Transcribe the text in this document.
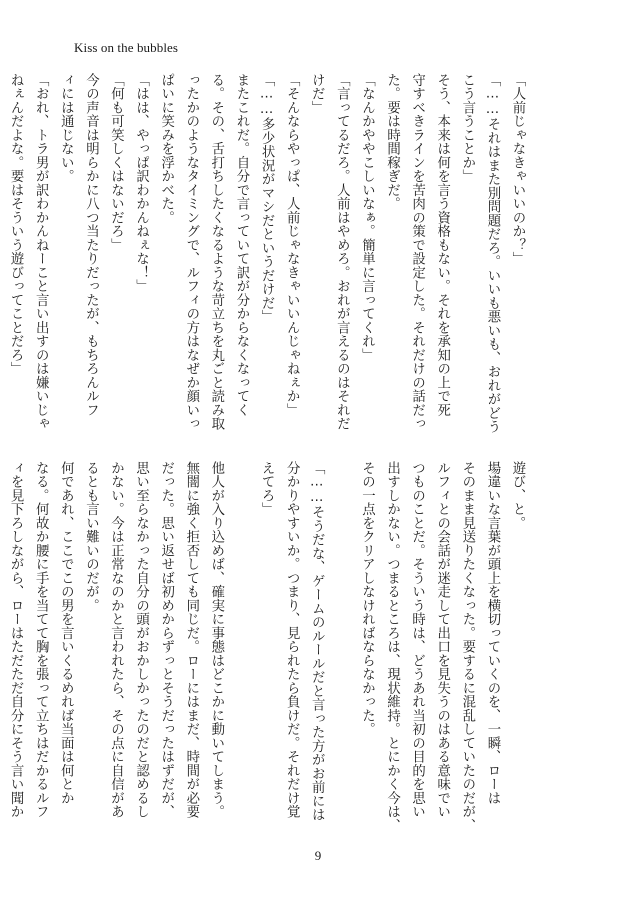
Kiss on the bubbles
「人前じゃなきゃいいのか？」
「……それはまた別問題だろ。いいも悪いも、おれがどう
こう言うことか」
そう、本来は何を言う資格もない。それを承知の上で死
守すべきラインを苦肉の策で設定した。それだけの話だっ
た。要は時間稼ぎだ。
「なんかややこしいなぁ。簡単に言ってくれ」
「言ってるだろ。人前はやめろ。おれが言えるのはそれだ
けだ」
「そんならやっぱ、人前じゃなきゃいいんじゃねぇか」
「……多少状況がマシだというだけだ」
またこれだ。自分で言っていて訳が分からなくなってく
る。その、舌打ちしたくなるような苛立ちを丸ごと読み取
ったかのようなタイミングで、ルフィの方はなぜか顔いっ
ぱいに笑みを浮かべた。
「はは、やっぱ訳わかんねぇな！」
「何も可笑しくはないだろ」
今の声音は明らかに八つ当たりだったが、もちろんルフ
ィには通じない。
「おれ、トラ男が訳わかんねーこと言い出すのは嫌いじゃ
ねぇんだよな。要はそういう遊びってことだろ」
遊び、と。
場違いな言葉が頭上を横切っていくのを、一瞬、ローは
そのまま見送りたくなった。要するに混乱していたのだが、
ルフィとの会話が迷走して出口を見失うのはある意味でい
つものことだ。そういう時は、どうあれ当初の目的を思い
出すしかない。つまるところは、現状維持。とにかく今は、
その一点をクリアしなければならなかった。

「……そうだな、ゲームのルールだと言った方がお前には
分かりやすいか。つまり、見られたら負けだ。それだけ覚
えてろ」

他人が入り込めば、確実に事態はどこかに動いてしまう。
無闇に強く拒否しても同じだ。ローにはまだ、時間が必要
だった。思い返せば初めからずっとそうだったはずだが、
思い至らなかった自分の頭がおかしかったのだと認めるし
かない。今は正常なのかと言われたら、その点に自信があ
るとも言い難いのだが。
何であれ、ここでこの男を言いくるめれば当面は何とか
なる。何故か腰に手を当てて胸を張って立ちはだかるルフ
ィを見下ろしながら、ローはただただ自分にそう言い聞か
9
